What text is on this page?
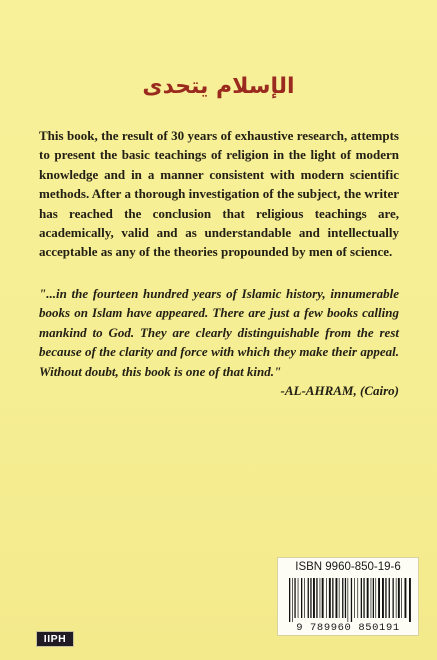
الإسلام يتحدى

This book, the result of 30 years of exhaustive research, attempts to present the basic teachings of religion in the light of modern knowledge and in a manner consistent with modern scientific methods. After a thorough investigation of the subject, the writer has reached the conclusion that religious teachings are, academically, valid and as understandable and intellectually acceptable as any of the theories propounded by men of science.

"...in the fourteen hundred years of Islamic history, innumerable books on Islam have appeared. There are just a few books calling mankind to God. They are clearly distinguishable from the rest because of the clarity and force with which they make their appeal. Without doubt, this book is one of that kind."

-AL-AHRAM, (Cairo)

ISBN 9960-850-19-6
9 789960 850191
IIPH
